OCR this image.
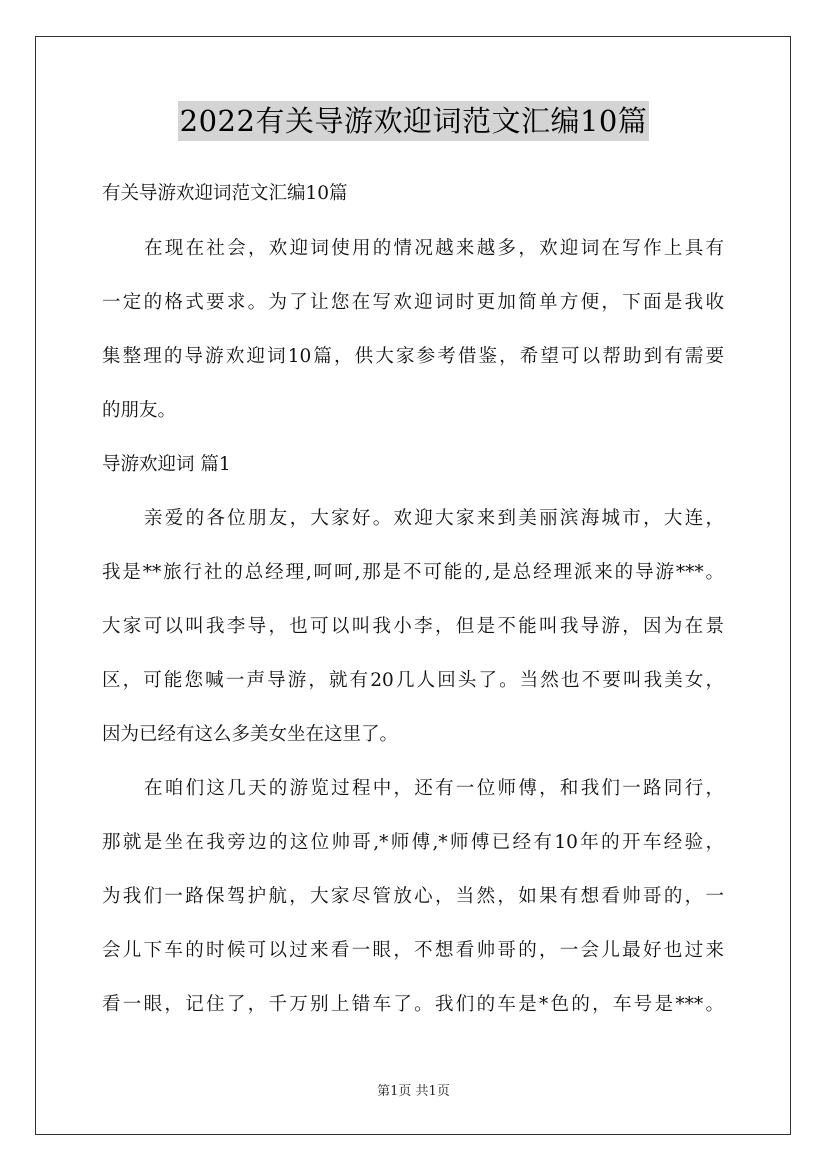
2022有关导游欢迎词范文汇编10篇
有关导游欢迎词范文汇编10篇
在现在社会，欢迎词使用的情况越来越多，欢迎词在写作上具有
一定的格式要求。为了让您在写欢迎词时更加简单方便，下面是我收
集整理的导游欢迎词10篇，供大家参考借鉴，希望可以帮助到有需要
的朋友。
导游欢迎词 篇1
亲爱的各位朋友，大家好。欢迎大家来到美丽滨海城市，大连，
我是**旅行社的总经理,呵呵,那是不可能的,是总经理派来的导游***。
大家可以叫我李导，也可以叫我小李，但是不能叫我导游，因为在景
区，可能您喊一声导游，就有20几人回头了。当然也不要叫我美女，
因为已经有这么多美女坐在这里了。
在咱们这几天的游览过程中，还有一位师傅，和我们一路同行，
那就是坐在我旁边的这位帅哥,*师傅,*师傅已经有10年的开车经验，
为我们一路保驾护航，大家尽管放心，当然，如果有想看帅哥的，一
会儿下车的时候可以过来看一眼，不想看帅哥的，一会儿最好也过来
看一眼，记住了，千万别上错车了。我们的车是*色的，车号是***。
第1页 共1页
